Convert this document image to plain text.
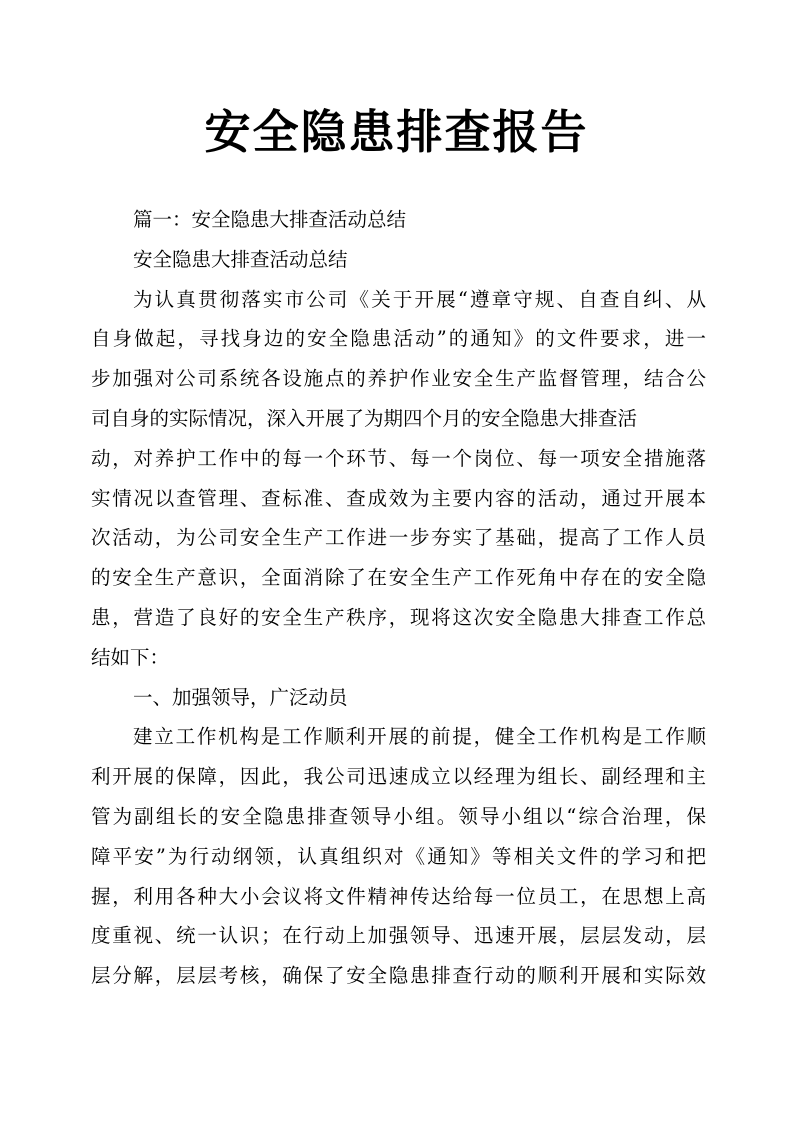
安全隐患排查报告
篇一：安全隐患大排查活动总结
安全隐患大排查活动总结
为认真贯彻落实市公司《关于开展“遵章守规、自查自纠、从
自身做起，寻找身边的安全隐患活动”的通知》的文件要求，进一
步加强对公司系统各设施点的养护作业安全生产监督管理，结合公
司自身的实际情况，深入开展了为期四个月的安全隐患大排查活
动，对养护工作中的每一个环节、每一个岗位、每一项安全措施落
实情况以查管理、查标准、查成效为主要内容的活动，通过开展本
次活动，为公司安全生产工作进一步夯实了基础，提高了工作人员
的安全生产意识，全面消除了在安全生产工作死角中存在的安全隐
患，营造了良好的安全生产秩序，现将这次安全隐患大排查工作总
结如下：
一、加强领导，广泛动员
建立工作机构是工作顺利开展的前提，健全工作机构是工作顺
利开展的保障，因此，我公司迅速成立以经理为组长、副经理和主
管为副组长的安全隐患排查领导小组。领导小组以“综合治理，保
障平安”为行动纲领，认真组织对《通知》等相关文件的学习和把
握，利用各种大小会议将文件精神传达给每一位员工，在思想上高
度重视、统一认识；在行动上加强领导、迅速开展，层层发动，层
层分解，层层考核，确保了安全隐患排查行动的顺利开展和实际效
